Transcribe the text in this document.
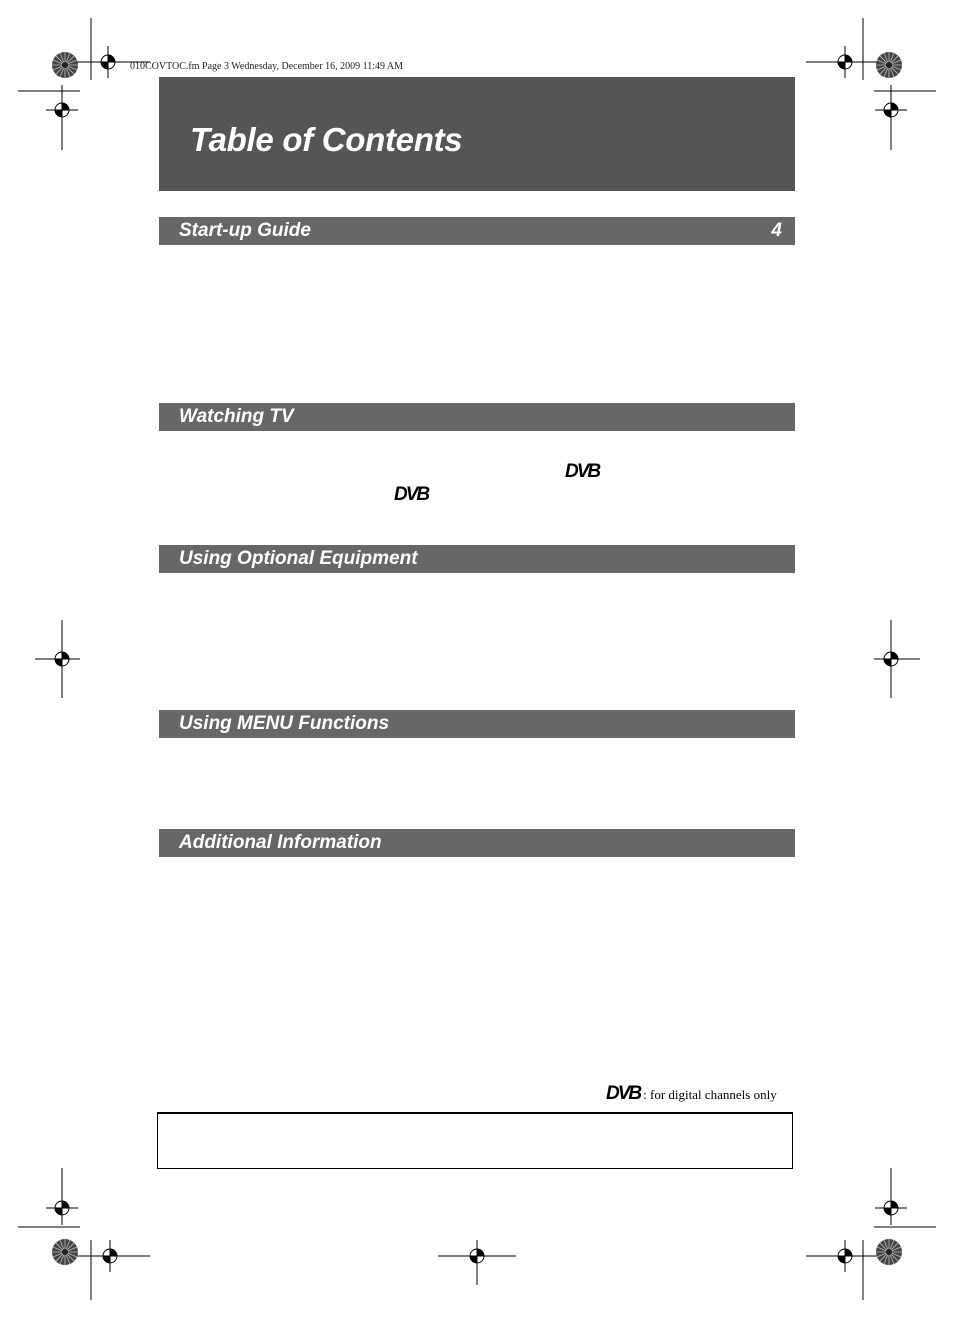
010COVTOC.fm Page 3 Wednesday, December 16, 2009 11:49 AM
Table of Contents
Start-up Guide	4
Watching TV
DVB
DVB
Using Optional Equipment
Using MENU Functions
Additional Information
DVB : for digital channels only
